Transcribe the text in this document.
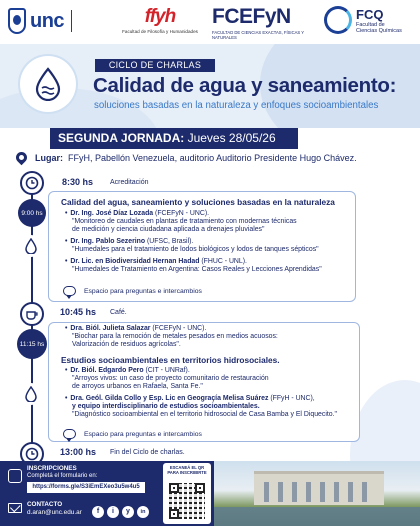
unc	ffyh
Facultad de Filosofía y Humanidades
FCEFyN
FACULTAD DE CIENCIAS EXACTAS, FÍSICAS Y NATURALES
FCQ
Facultad de
Ciencias Químicas
CICLO DE CHARLAS
Calidad de agua y saneamiento:
soluciones basadas en la naturaleza y enfoques socioambientales
SEGUNDA JORNADA: Jueves 28/05/26
Lugar: FFyH, Pabellón Venezuela, auditorio Auditorio Presidente Hugo Chávez.
8:30 hs Acreditación
9:00 hs
Calidad del agua, saneamiento y soluciones basadas en la naturaleza
• Dr. Ing. José Díaz Lozada (FCEFyN - UNC).
"Monitoreo de caudales en plantas de tratamiento con modernas técnicas
de medición y ciencia ciudadana aplicada a drenajes pluviales"
• Dr. Ing. Pablo Sezerino (UFSC, Brasil).
"Humedales para el tratamiento de lodos biológicos y lodos de tanques sépticos"
• Dr. Lic. en Biodiversidad Hernan Hadad (FHUC - UNL).
"Humedales de Tratamiento en Argentina: Casos Reales y Lecciones Aprendidas"
Espacio para preguntas e intercambios
10:45 hs Café.
11:15 hs
• Dra. Biól. Julieta Salazar (FCEFyN - UNC).
"Biochar para la remoción de metales pesados en medios acuosos:
Valorización de residuos agrícolas".
Estudios socioambientales en territorios hidrosociales.
• Dr. Biól. Edgardo Pero (CIT - UNRaf).
"Arroyos vivos: un caso de proyecto comunitario de restauración
de arroyos urbanos en Rafaela, Santa Fe."
• Dra. Geól. Gilda Collo y Esp. Lic en Geograçía Melisa Suárez (FFyH - UNC),
y equipo interdisciplinario de estudios socioambientales.
"Diagnóstico socioambiental en el territorio hidrosocial de Casa Bamba y El Diquecito."
Espacio para preguntas e intercambios
13:00 hs Fin del Ciclo de charlas.
INSCRIPCIONES
Completá el formulario en:
https://forms.gle/S3iEmEXeo3u5w4u5
CONTACTO
d.aran@unc.edu.ar	f	i	y	in
ESCANEÁ EL QR PARA INSCRIBIRTE
